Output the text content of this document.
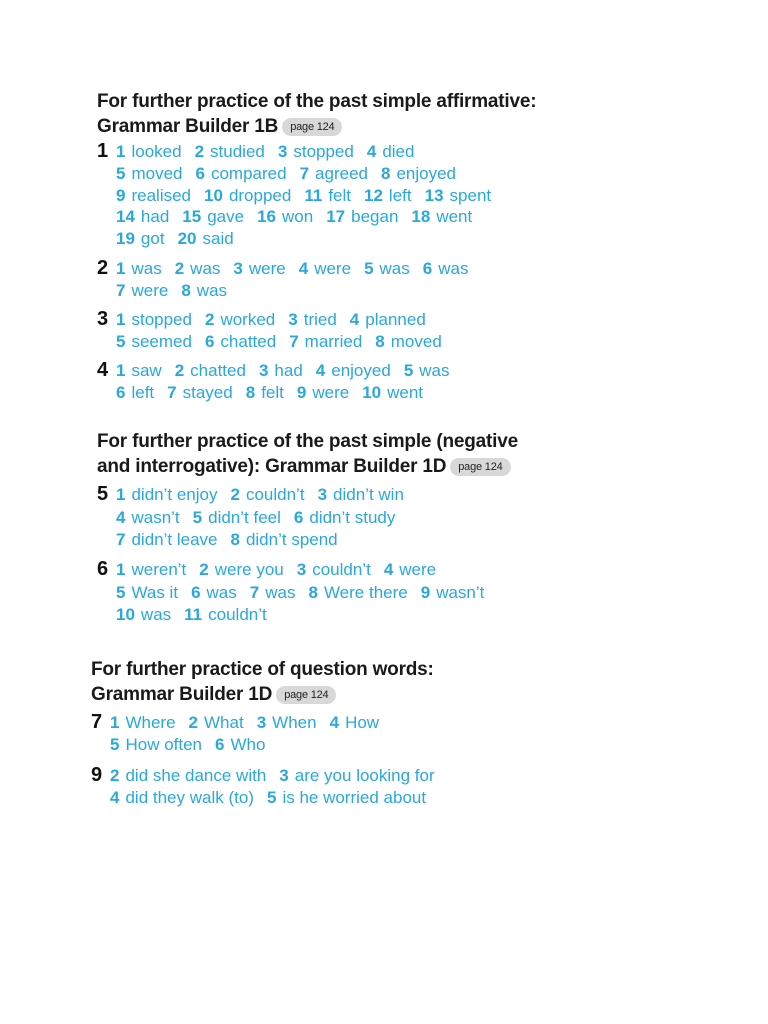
For further practice of the past simple affirmative:
Grammar Builder 1B page 124
For further practice of the past simple (negative
and interrogative): Grammar Builder 1D page 124
For further practice of question words:
Grammar Builder 1D page 124
1 1 looked 2 studied 3 stopped 4 died
5 moved 6 compared 7 agreed 8 enjoyed
9 realised 10 dropped 11 felt 12 left 13 spent
14 had 15 gave 16 won 17 began 18 went
19 got 20 said
2 1 was 2 was 3 were 4 were 5 was 6 was
7 were 8 was
3 1 stopped 2 worked 3 tried 4 planned
5 seemed 6 chatted 7 married 8 moved
4 1 saw 2 chatted 3 had 4 enjoyed 5 was
6 left 7 stayed 8 felt 9 were 10 went
5 1 didn’t enjoy 2 couldn’t 3 didn’t win
4 wasn’t 5 didn’t feel 6 didn’t study
7 didn’t leave 8 didn’t spend
6 1 weren’t 2 were you 3 couldn’t 4 were
5 Was it 6 was 7 was 8 Were there 9 wasn’t
10 was 11 couldn’t
7 1 Where 2 What 3 When 4 How
5 How often 6 Who
9 2 did she dance with 3 are you looking for
4 did they walk (to) 5 is he worried about
